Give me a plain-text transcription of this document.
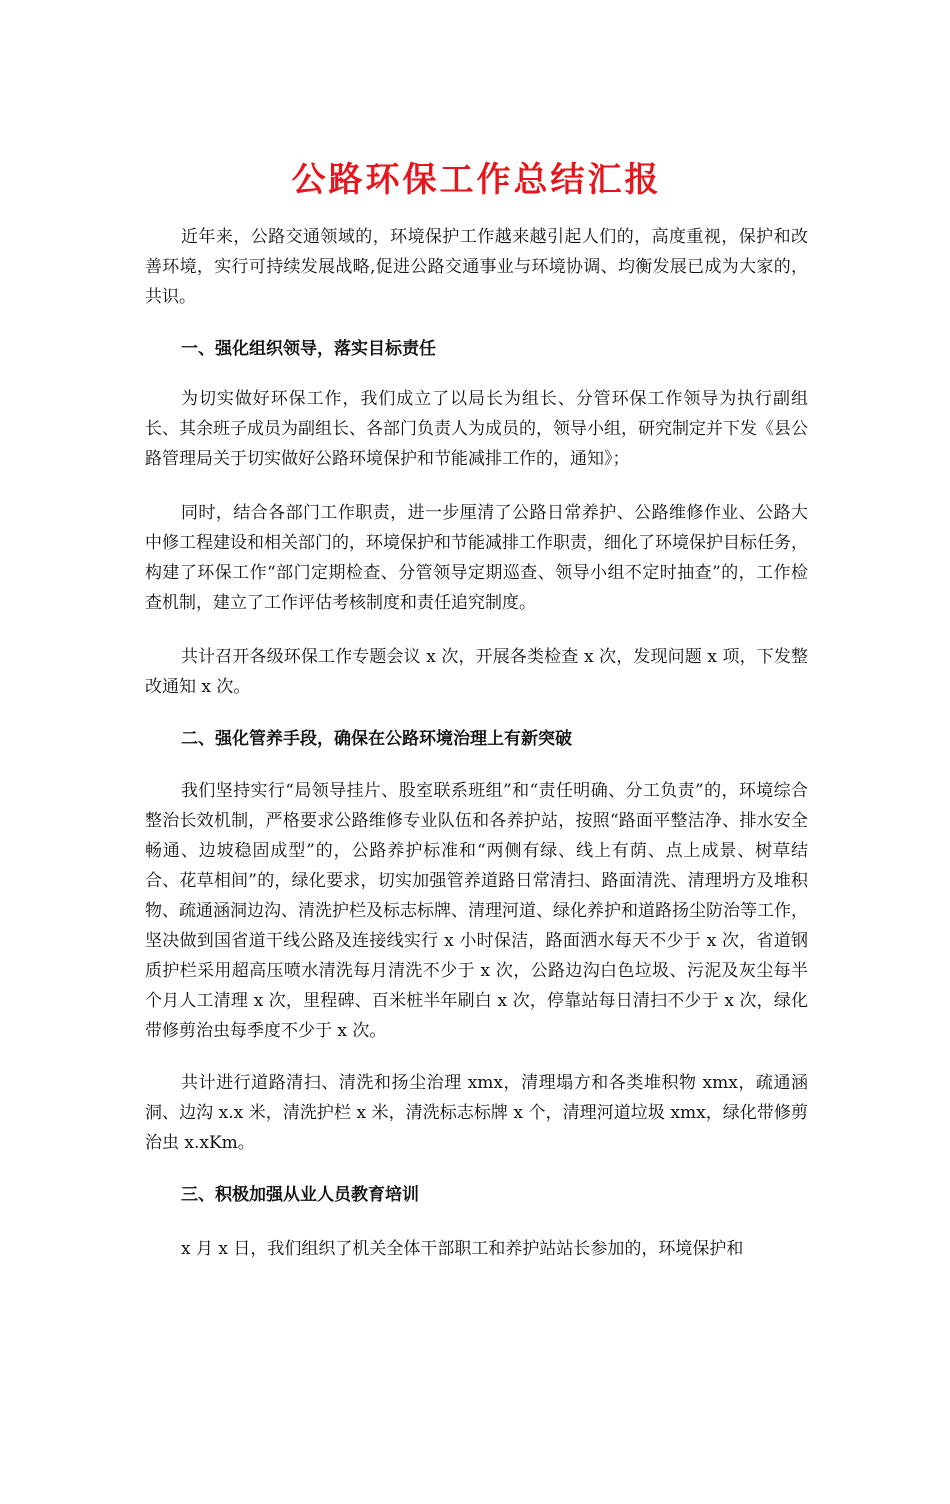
公路环保工作总结汇报

近年来，公路交通领域的，环境保护工作越来越引起人们的，高度重视，保护和改善环境，实行可持续发展战略,促进公路交通事业与环境协调、均衡发展已成为大家的，共识。

一、强化组织领导，落实目标责任

为切实做好环保工作，我们成立了以局长为组长、分管环保工作领导为执行副组长、其余班子成员为副组长、各部门负责人为成员的，领导小组，研究制定并下发《县公路管理局关于切实做好公路环境保护和节能减排工作的，通知》；

同时，结合各部门工作职责，进一步厘清了公路日常养护、公路维修作业、公路大中修工程建设和相关部门的，环境保护和节能减排工作职责，细化了环境保护目标任务，构建了环保工作“部门定期检查、分管领导定期巡查、领导小组不定时抽查”的，工作检查机制，建立了工作评估考核制度和责任追究制度。

共计召开各级环保工作专题会议 x 次，开展各类检查 x 次，发现问题 x 项，下发整改通知 x 次。

二、强化管养手段，确保在公路环境治理上有新突破

我们坚持实行“局领导挂片、股室联系班组”和“责任明确、分工负责”的，环境综合整治长效机制，严格要求公路维修专业队伍和各养护站，按照“路面平整洁净、排水安全畅通、边坡稳固成型”的，公路养护标准和“两侧有绿、线上有荫、点上成景、树草结合、花草相间”的，绿化要求，切实加强管养道路日常清扫、路面清洗、清理坍方及堆积物、疏通涵洞边沟、清洗护栏及标志标牌、清理河道、绿化养护和道路扬尘防治等工作，坚决做到国省道干线公路及连接线实行 x 小时保洁，路面洒水每天不少于 x 次，省道钢质护栏采用超高压喷水清洗每月清洗不少于 x 次，公路边沟白色垃圾、污泥及灰尘每半个月人工清理 x 次，里程碑、百米桩半年刷白 x 次，停靠站每日清扫不少于 x 次，绿化带修剪治虫每季度不少于 x 次。

共计进行道路清扫、清洗和扬尘治理 xmx，清理塌方和各类堆积物 xmx，疏通涵洞、边沟 x.x 米，清洗护栏 x 米，清洗标志标牌 x 个，清理河道垃圾 xmx，绿化带修剪治虫 x.xKm。

三、积极加强从业人员教育培训

x 月 x 日，我们组织了机关全体干部职工和养护站站长参加的，环境保护和
